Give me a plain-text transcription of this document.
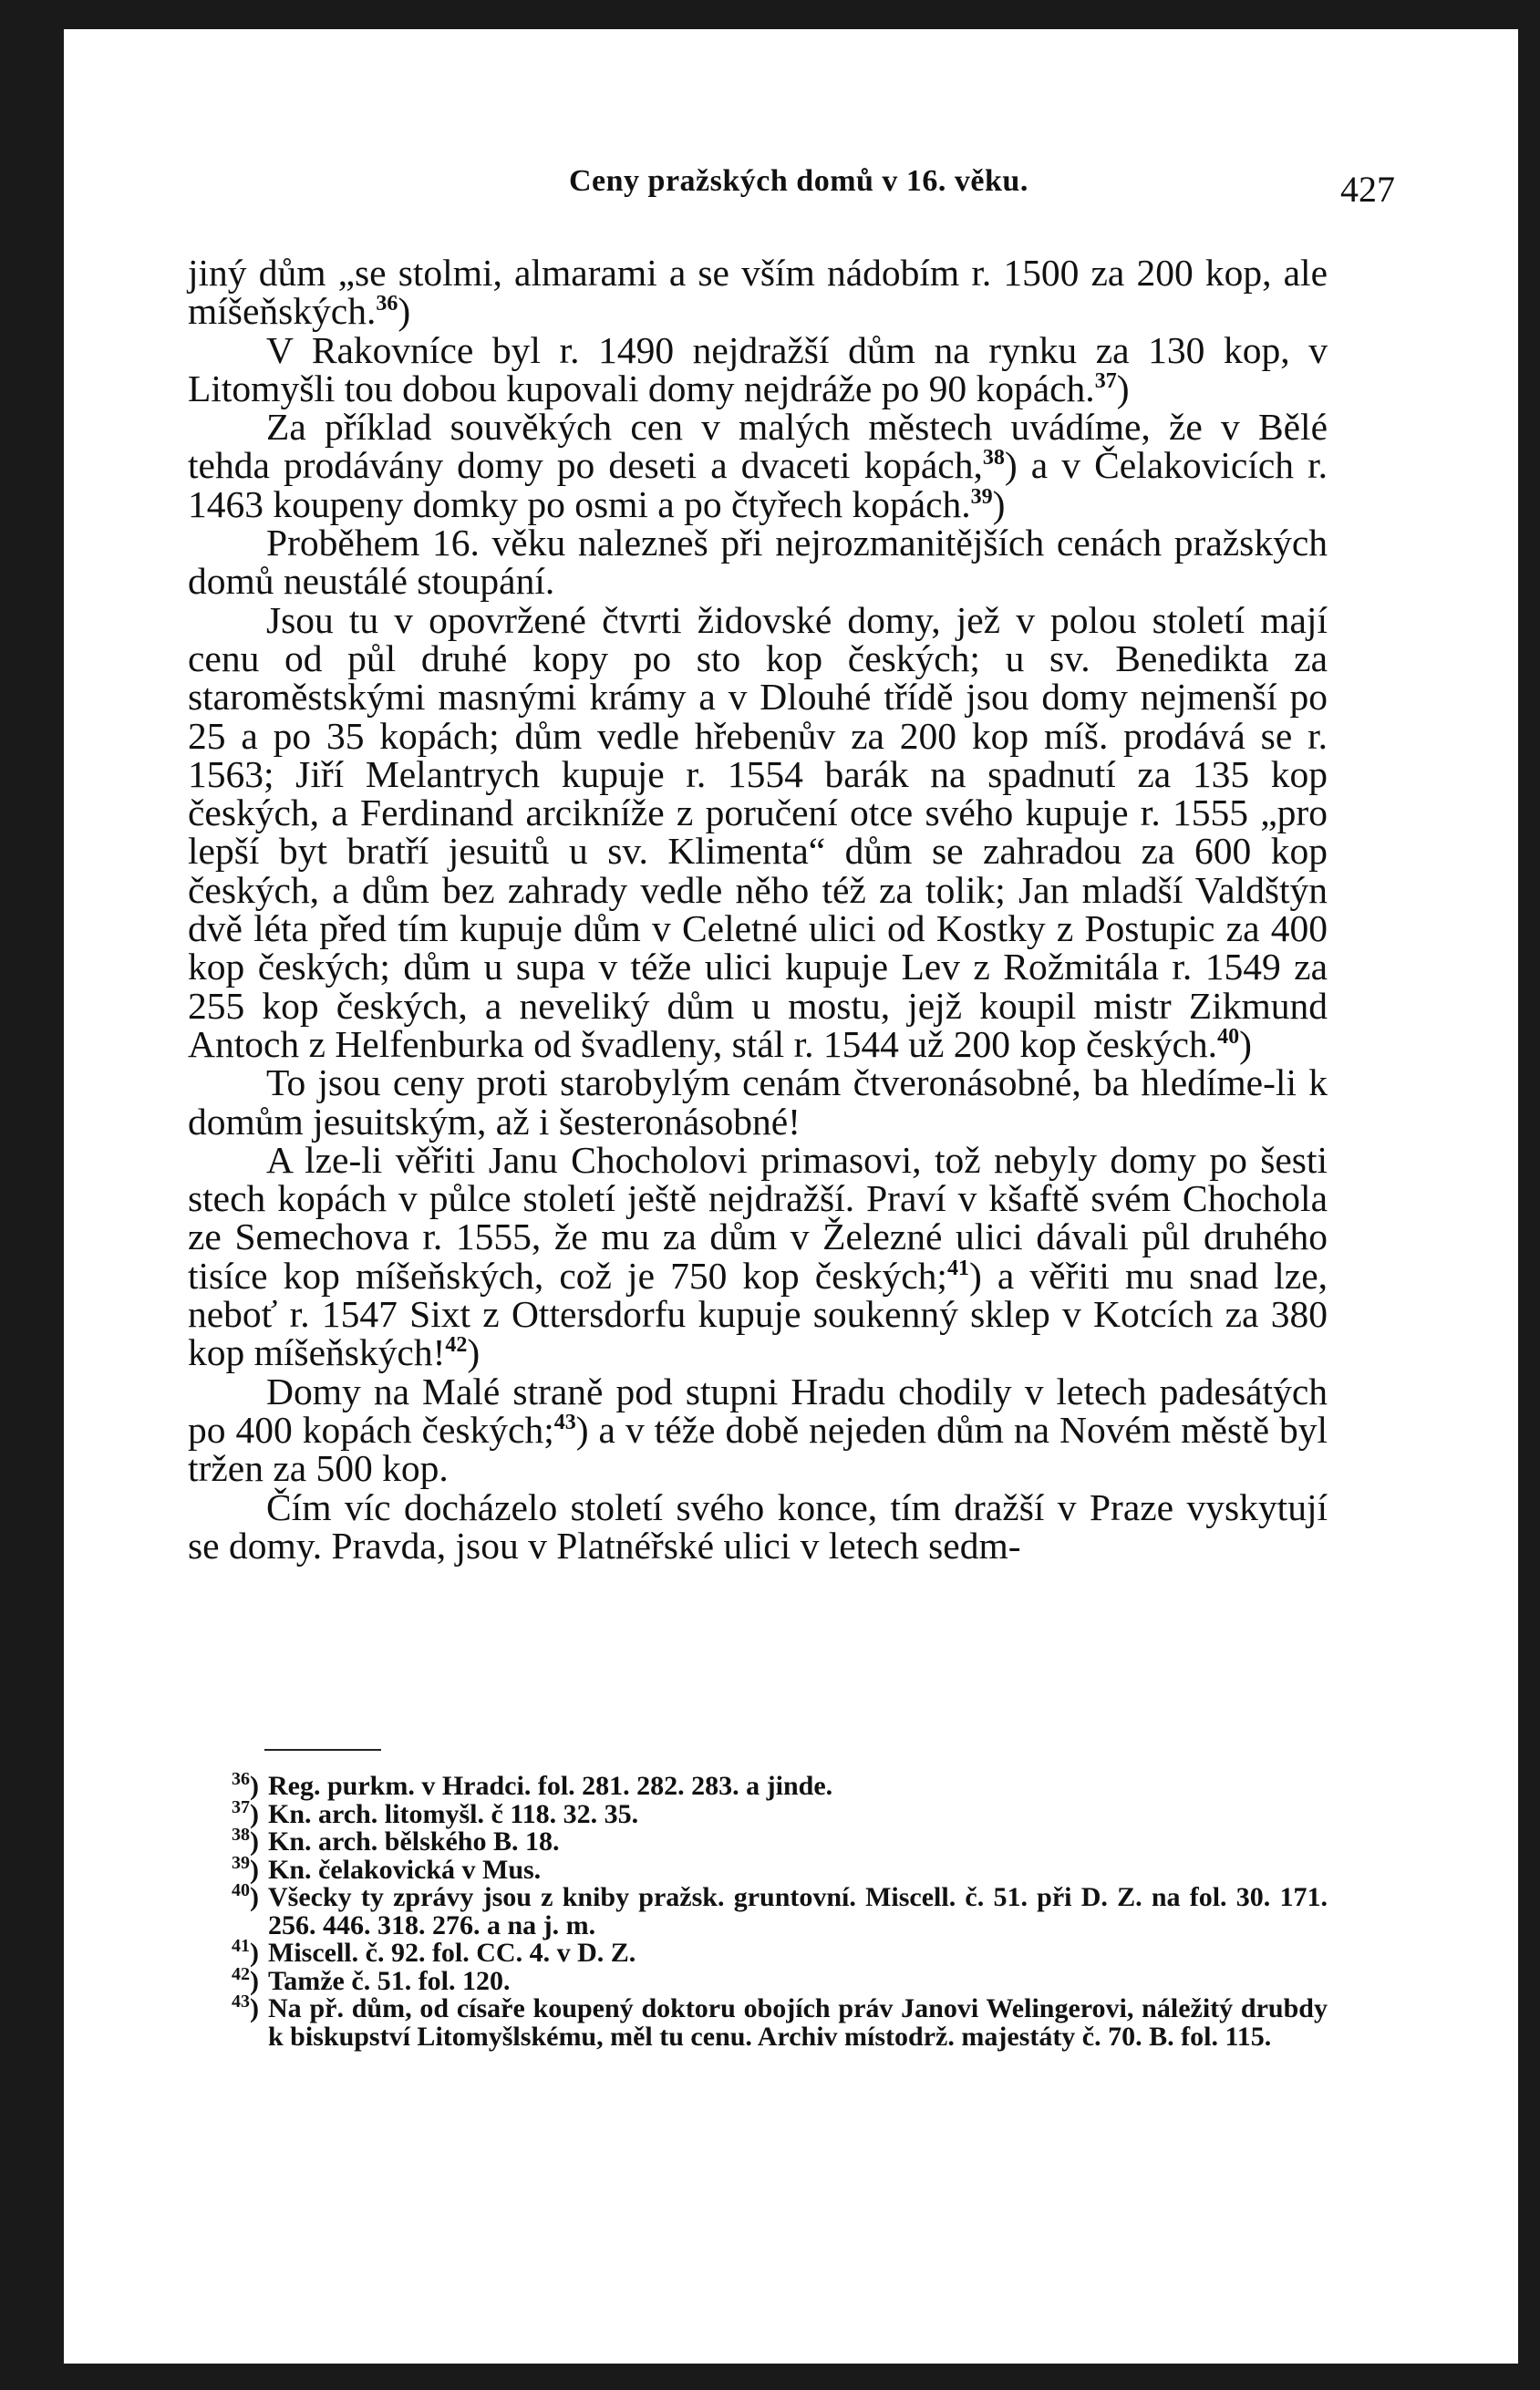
Ceny pražských domů v 16. věku.	427

jiný dům „se stolmi, almarami a se vším nádobím r. 1500 za 200 kop, ale míšeňských.$^{36}$)

V Rakovníce byl r. 1490 nejdražší dům na rynku za 130 kop, v Litomyšli tou dobou kupovali domy nejdráže po 90 kopách.$^{37}$)

Za příklad souvěkých cen v malých městech uvádíme, že v Bělé tehda prodávány domy po deseti a dvaceti kopách,$^{38}$) a v Čelakovicích r. 1463 koupeny domky po osmi a po čtyřech kopách.$^{39}$)

Proběhem 16. věku nalezneš při nejrozmanitějších cenách pražských domů neustálé stoupání.

Jsou tu v opovržené čtvrti židovské domy, jež v polou století mají cenu od půl druhé kopy po sto kop českých; u sv. Benedikta za staroměstskými masnými krámy a v Dlouhé třídě jsou domy nejmenší po 25 a po 35 kopách; dům vedle hřebenův za 200 kop míš. prodává se r. 1563; Jiří Melantrych kupuje r. 1554 barák na spadnutí za 135 kop českých, a Ferdinand arcikníže z poručení otce svého kupuje r. 1555 „pro lepší byt bratří jesuitů u sv. Klimenta“ dům se zahradou za 600 kop českých, a dům bez zahrady vedle něho též za tolik; Jan mladší Valdštýn dvě léta před tím kupuje dům v Celetné ulici od Kostky z Postupic za 400 kop českých; dům u supa v téže ulici kupuje Lev z Rožmitála r. 1549 za 255 kop českých, a neveliký dům u mostu, jejž koupil mistr Zikmund Antoch z Helfenburka od švadleny, stál r. 1544 už 200 kop českých.$^{40}$)

To jsou ceny proti starobylým cenám čtveronásobné, ba hledíme-li k domům jesuitským, až i šesteronásobné!

A lze-li věřiti Janu Chocholovi primasovi, tož nebyly domy po šesti stech kopách v půlce století ještě nejdražší. Praví v kšaftě svém Chochola ze Semechova r. 1555, že mu za dům v Železné ulici dávali půl druhého tisíce kop míšeňských, což je 750 kop českých;$^{41}$) a věřiti mu snad lze, neboť r. 1547 Sixt z Ottersdorfu kupuje soukenný sklep v Kotcích za 380 kop míšeňských!$^{42}$)

Domy na Malé straně pod stupni Hradu chodily v letech padesátých po 400 kopách českých;$^{43}$) a v téže době nejeden dům na Novém městě byl tržen za 500 kop.

Čím víc docházelo století svého konce, tím dražší v Praze vyskytují se domy. Pravda, jsou v Platnéřské ulici v letech sedm-

$^{36}$) Reg. purkm. v Hradci. fol. 281. 282. 283. a jinde.

$^{37}$) Kn. arch. litomyšl. č 118. 32. 35.

$^{38}$) Kn. arch. bělského B. 18.

$^{39}$) Kn. čelakovická v Mus.

$^{40}$) Všecky ty zprávy jsou z kniby pražsk. gruntovní. Miscell. č. 51. při D. Z. na fol. 30. 171. 256. 446. 318. 276. a na j. m.

$^{41}$) Miscell. č. 92. fol. CC. 4. v D. Z.

$^{42}$) Tamže č. 51. fol. 120.

$^{43}$) Na př. dům, od císaře koupený doktoru obojích práv Janovi Welingerovi, náležitý drubdy k biskupství Litomyšlskému, měl tu cenu. Archiv místodrž. majestáty č. 70. B. fol. 115.
